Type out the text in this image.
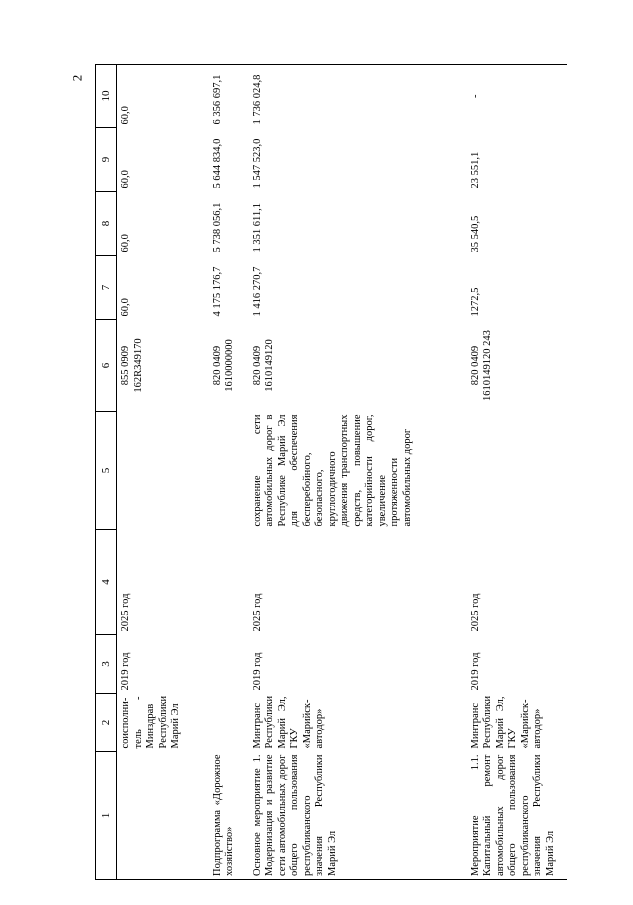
2
1	2	3	4	5	6	7	8	9	10
	соисполни-тель - Минздрав Республики Марий Эл	2019 год	2025 год		855 0909 162R349170	60,0	60,0	60,0	60,0
Подпрограмма «Дорожное хозяйство»					820 0409 1610000000	4 175 176,7	5 738 056,1	5 644 834,0	6 356 697,1
Основное мероприятие 1. Модернизация и развитие сети автомобильных дорог общего пользования республиканского значения Республики Марий Эл	Минтранс Республики Марий Эл, ГКУ «Марийск-автодор»	2019 год	2025 год	сохранение сети автомобильных дорог в Республике Марий Эл для обеспечения бесперебойного, безопасного, круглогодичного движения транспортных средств, повышение категорийности дорог, увеличение протяженности автомобильных дорог	820 0409 1610149120	1 416 270,7	1 351 611,1	1 547 523,0	1 736 024,8
Мероприятие 1.1. Капитальный ремонт автомобильных дорог общего пользования республиканского значения Республики Марий Эл	Минтранс Республики Марий Эл, ГКУ «Марийск-автодор»	2019 год	2025 год		820 0409 1610149120 243	1272,5	35 540,5	23 551,1	-
